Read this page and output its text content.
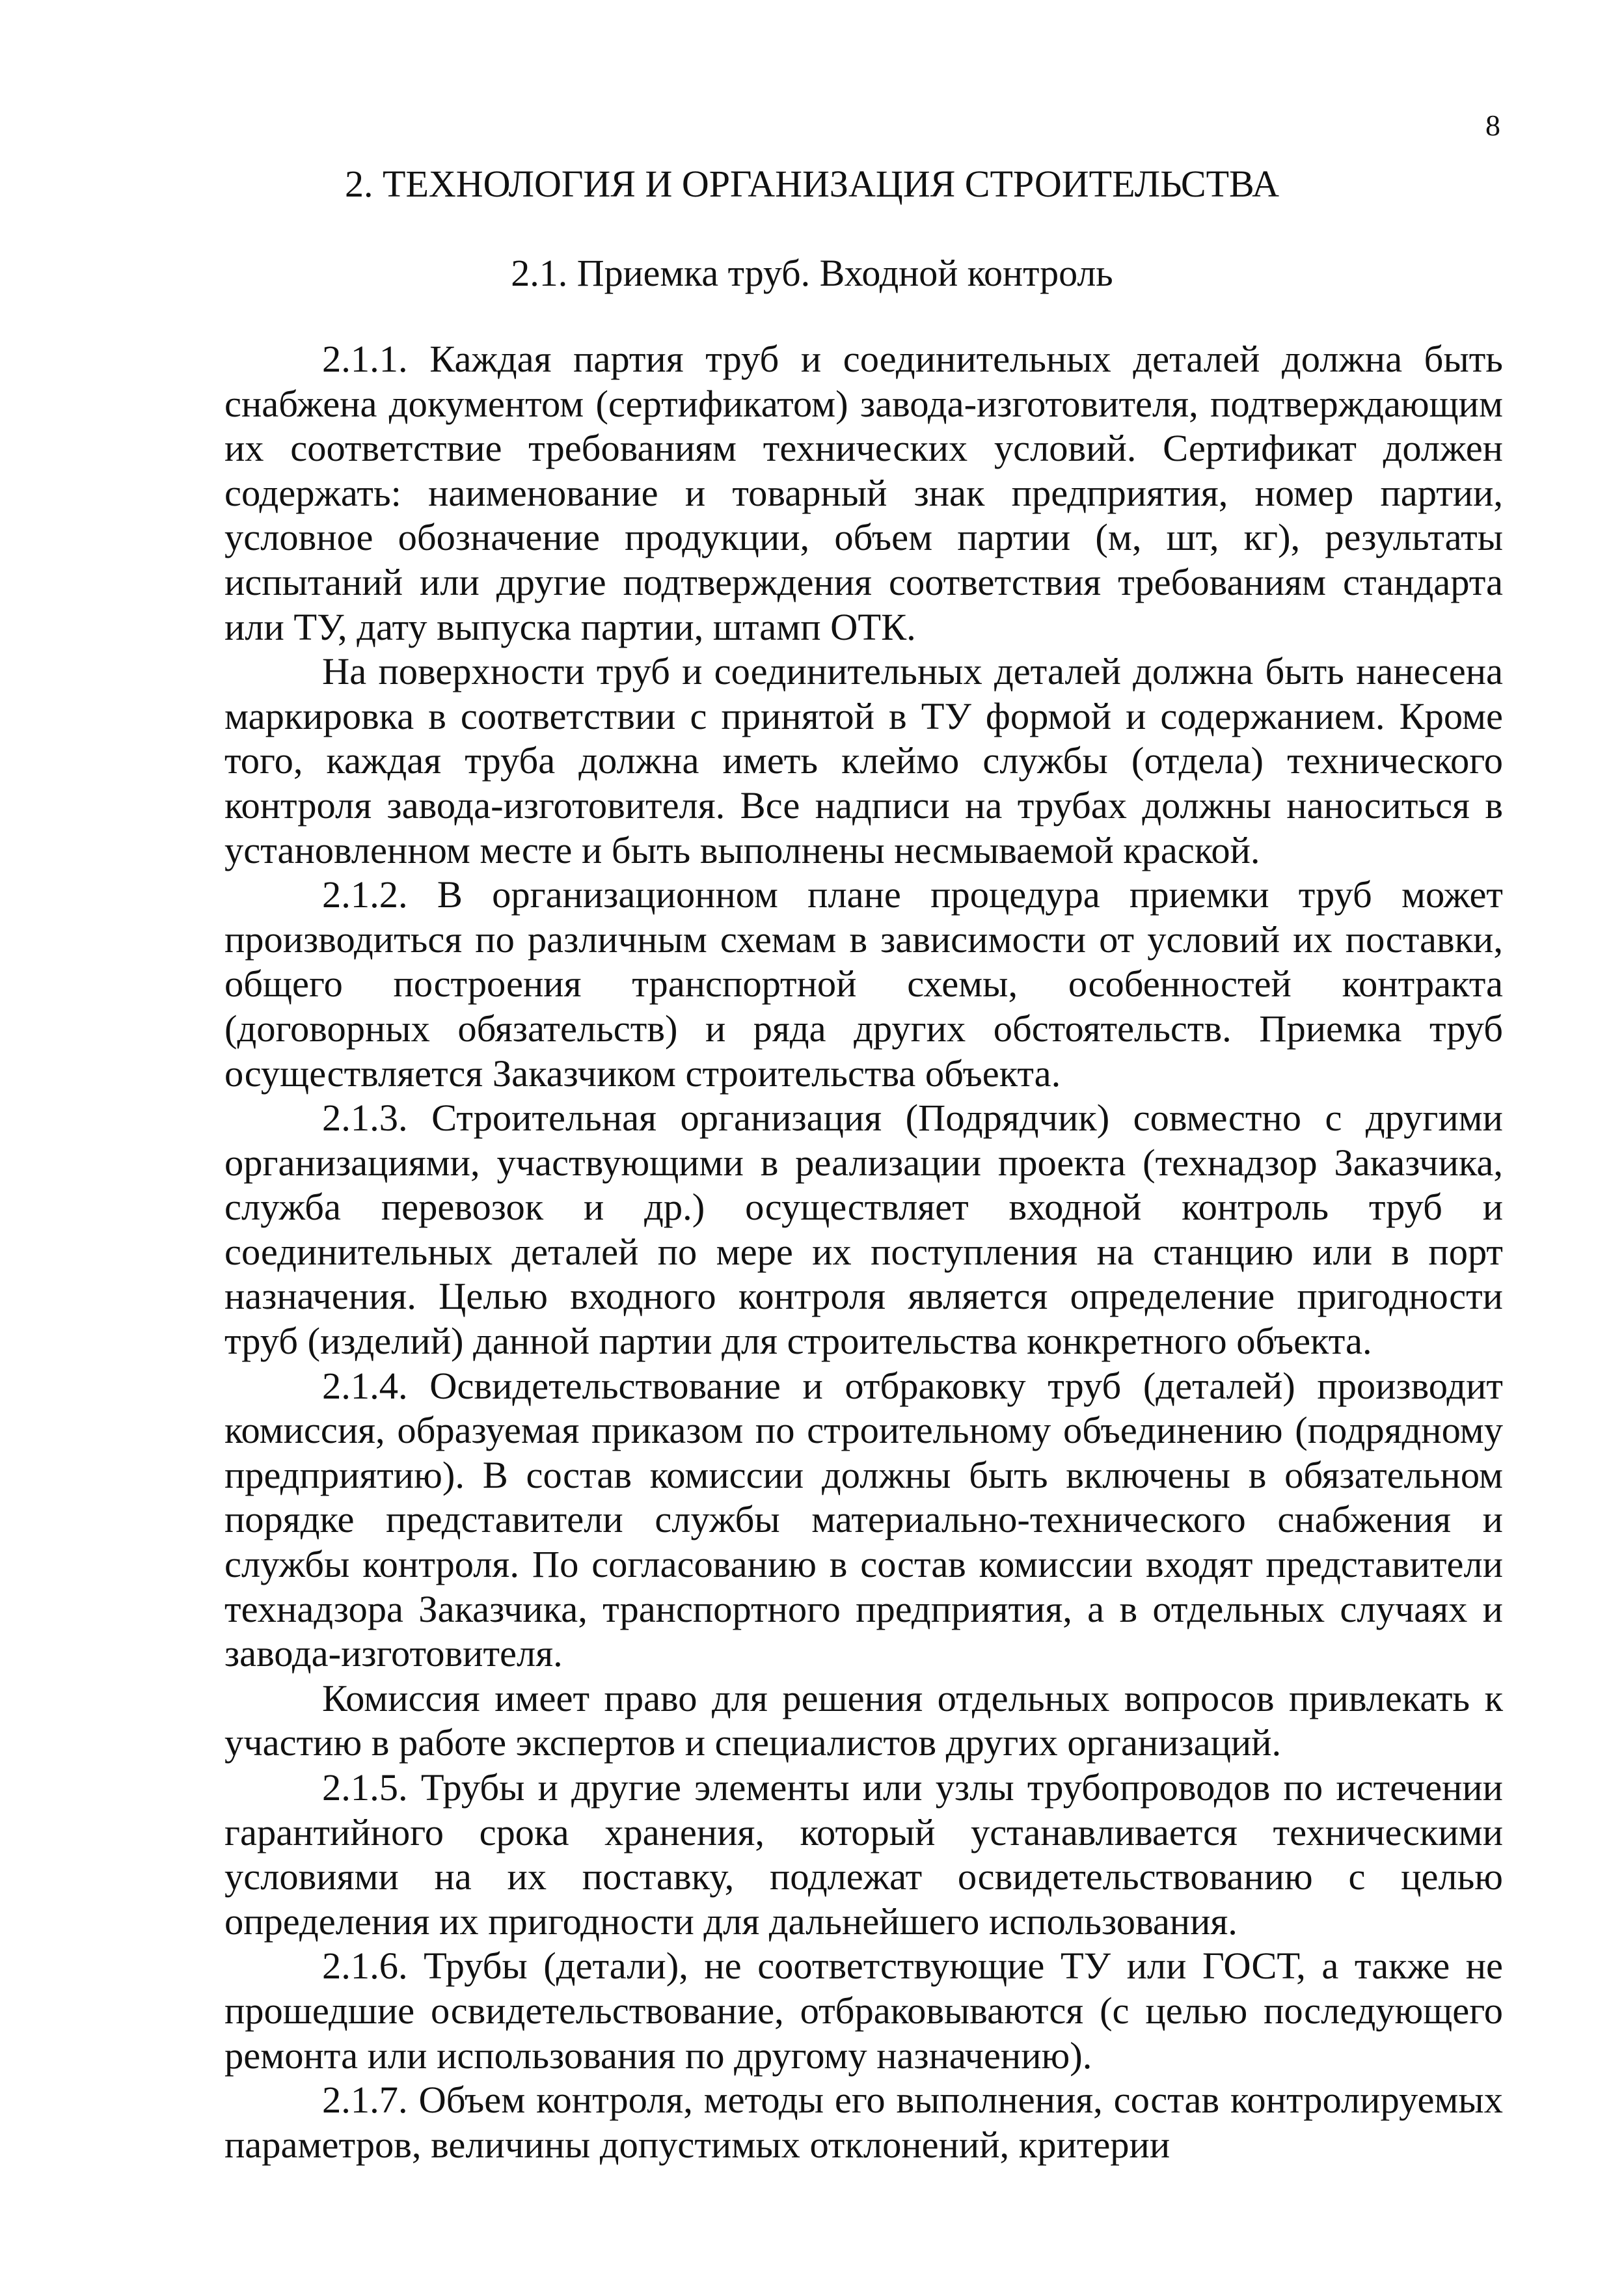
8
2. ТЕХНОЛОГИЯ И ОРГАНИЗАЦИЯ СТРОИТЕЛЬСТВА
2.1. Приемка труб. Входной контроль

2.1.1. Каждая партия труб и соединительных деталей должна быть снабжена документом (сертификатом) завода-изготовителя, подтверждающим их соответствие требованиям технических условий. Сертификат должен содержать: наименование и товарный знак предприятия, номер партии, условное обозначение продукции, объем партии (м, шт, кг), результаты испытаний или другие подтверждения соответствия требованиям стандарта или ТУ, дату выпуска партии, штамп ОТК.

На поверхности труб и соединительных деталей должна быть нанесена маркировка в соответствии с принятой в ТУ формой и содержанием. Кроме того, каждая труба должна иметь клеймо службы (отдела) технического контроля завода-изготовителя. Все надписи на трубах должны наноситься в установленном месте и быть выполнены несмываемой краской.

2.1.2. В организационном плане процедура приемки труб может производиться по различным схемам в зависимости от условий их поставки, общего построения транспортной схемы, особенностей контракта (договорных обязательств) и ряда других обстоятельств. Приемка труб осуществляется Заказчиком строительства объекта.

2.1.3. Строительная организация (Подрядчик) совместно с другими организациями, участвующими в реализации проекта (технадзор Заказчика, служба перевозок и др.) осуществляет входной контроль труб и соединительных деталей по мере их поступления на станцию или в порт назначения. Целью входного контроля является определение пригодности труб (изделий) данной партии для строительства конкретного объекта.

2.1.4. Освидетельствование и отбраковку труб (деталей) производит комиссия, образуемая приказом по строительному объединению (подрядному предприятию). В состав комиссии должны быть включены в обязательном порядке представители службы материально-технического снабжения и службы контроля. По согласованию в состав комиссии входят представители технадзора Заказчика, транспортного предприятия, а в отдельных случаях и завода-изготовителя.

Комиссия имеет право для решения отдельных вопросов привлекать к участию в работе экспертов и специалистов других организаций.

2.1.5. Трубы и другие элементы или узлы трубопроводов по истечении гарантийного срока хранения, который устанавливается техническими условиями на их поставку, подлежат освидетельствованию с целью определения их пригодности для дальнейшего использования.

2.1.6. Трубы (детали), не соответствующие ТУ или ГОСТ, а также не прошедшие освидетельствование, отбраковываются (с целью последующего ремонта или использования по другому назначению).

2.1.7. Объем контроля, методы его выполнения, состав контролируемых параметров, величины допустимых отклонений, критерии
